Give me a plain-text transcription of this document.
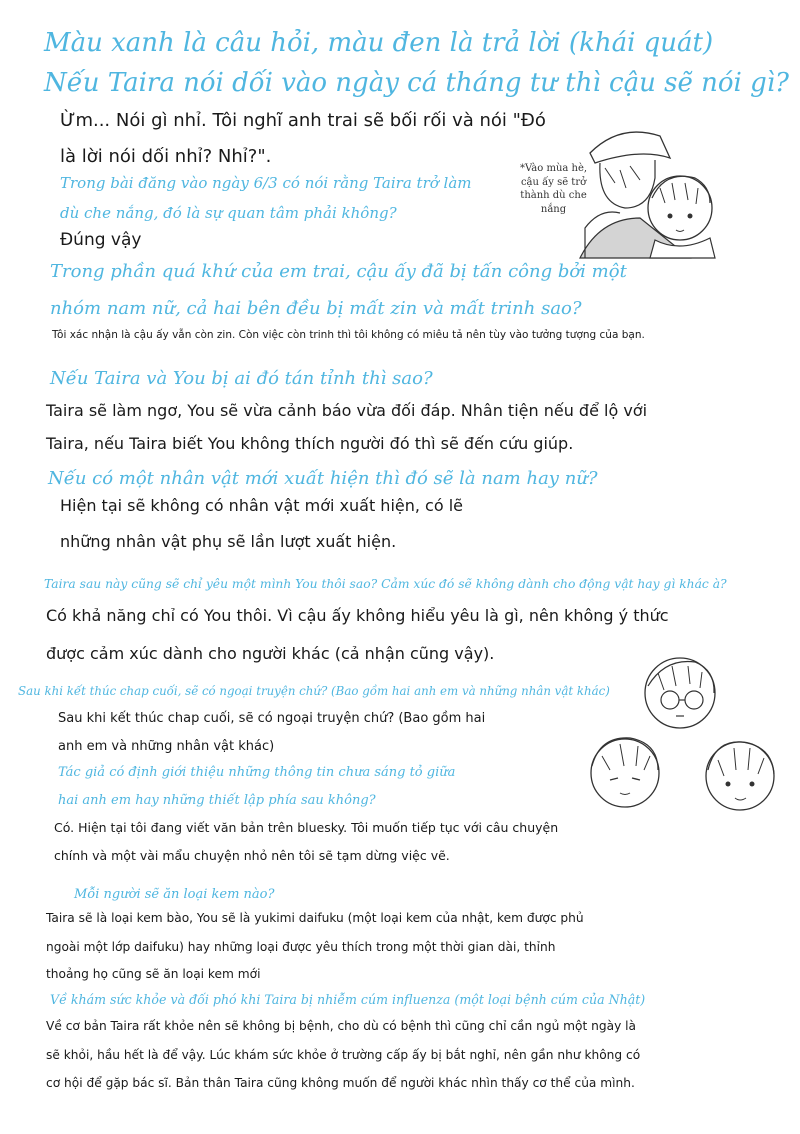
Màu xanh là câu hỏi, màu đen là trả lời (khái quát)
Nếu Taira nói dối vào ngày cá tháng tư thì cậu sẽ nói gì?
Ừm... Nói gì nhỉ. Tôi nghĩ anh trai sẽ bối rối và nói "Đó
là lời nói dối nhỉ? Nhỉ?".
Trong bài đăng vào ngày 6/3 có nói rằng Taira trở làm
dù che nắng, đó là sự quan tâm phải không?
Đúng vậy
*Vào mùa hè,
cậu ấy sẽ trở
thành dù che
nắng
Trong phần quá khứ của em trai, cậu ấy đã bị tấn công bởi một
nhóm nam nữ, cả hai bên đều bị mất zin và mất trinh sao?
Tôi xác nhận là cậu ấy vẫn còn zin. Còn việc còn trinh thì tôi không có miêu tả nên tùy vào tưởng tượng của bạn.
Nếu Taira và You bị ai đó tán tỉnh thì sao?
Taira sẽ làm ngơ, You sẽ vừa cảnh báo vừa đối đáp. Nhân tiện nếu để lộ với
Taira, nếu Taira biết You không thích người đó thì sẽ đến cứu giúp.
Nếu có một nhân vật mới xuất hiện thì đó sẽ là nam hay nữ?
Hiện tại sẽ không có nhân vật mới xuất hiện, có lẽ
những nhân vật phụ sẽ lần lượt xuất hiện.
Taira sau này cũng sẽ chỉ yêu một mình You thôi sao? Cảm xúc đó sẽ không dành cho động vật hay gì khác à?
Có khả năng chỉ có You thôi. Vì cậu ấy không hiểu yêu là gì, nên không ý thức
được cảm xúc dành cho người khác (cả nhận cũng vậy).
Sau khi kết thúc chap cuối, sẽ có ngoại truyện chứ? (Bao gồm hai anh em và những nhân vật khác)
Sau khi kết thúc chap cuối, sẽ có ngoại truyện chứ? (Bao gồm hai
anh em và những nhân vật khác)
Tác giả có định giới thiệu những thông tin chưa sáng tỏ giữa
hai anh em hay những thiết lập phía sau không?
Có. Hiện tại tôi đang viết văn bản trên bluesky. Tôi muốn tiếp tục với câu chuyện
chính và một vài mẩu chuyện nhỏ nên tôi sẽ tạm dừng việc vẽ.
Mỗi người sẽ ăn loại kem nào?
Taira sẽ là loại kem bào, You sẽ là yukimi daifuku (một loại kem của nhật, kem được phủ
ngoài một lớp daifuku) hay những loại được yêu thích trong một thời gian dài, thỉnh
thoảng họ cũng sẽ ăn loại kem mới
Về khám sức khỏe và đối phó khi Taira bị nhiễm cúm influenza (một loại bệnh cúm của Nhật)
Về cơ bản Taira rất khỏe nên sẽ không bị bệnh, cho dù có bệnh thì cũng chỉ cần ngủ một ngày là
sẽ khỏi, hầu hết là để vậy. Lúc khám sức khỏe ở trường cấp ấy bị bắt nghỉ, nên gần như không có
cơ hội để gặp bác sĩ. Bản thân Taira cũng không muốn để người khác nhìn thấy cơ thể của mình.
